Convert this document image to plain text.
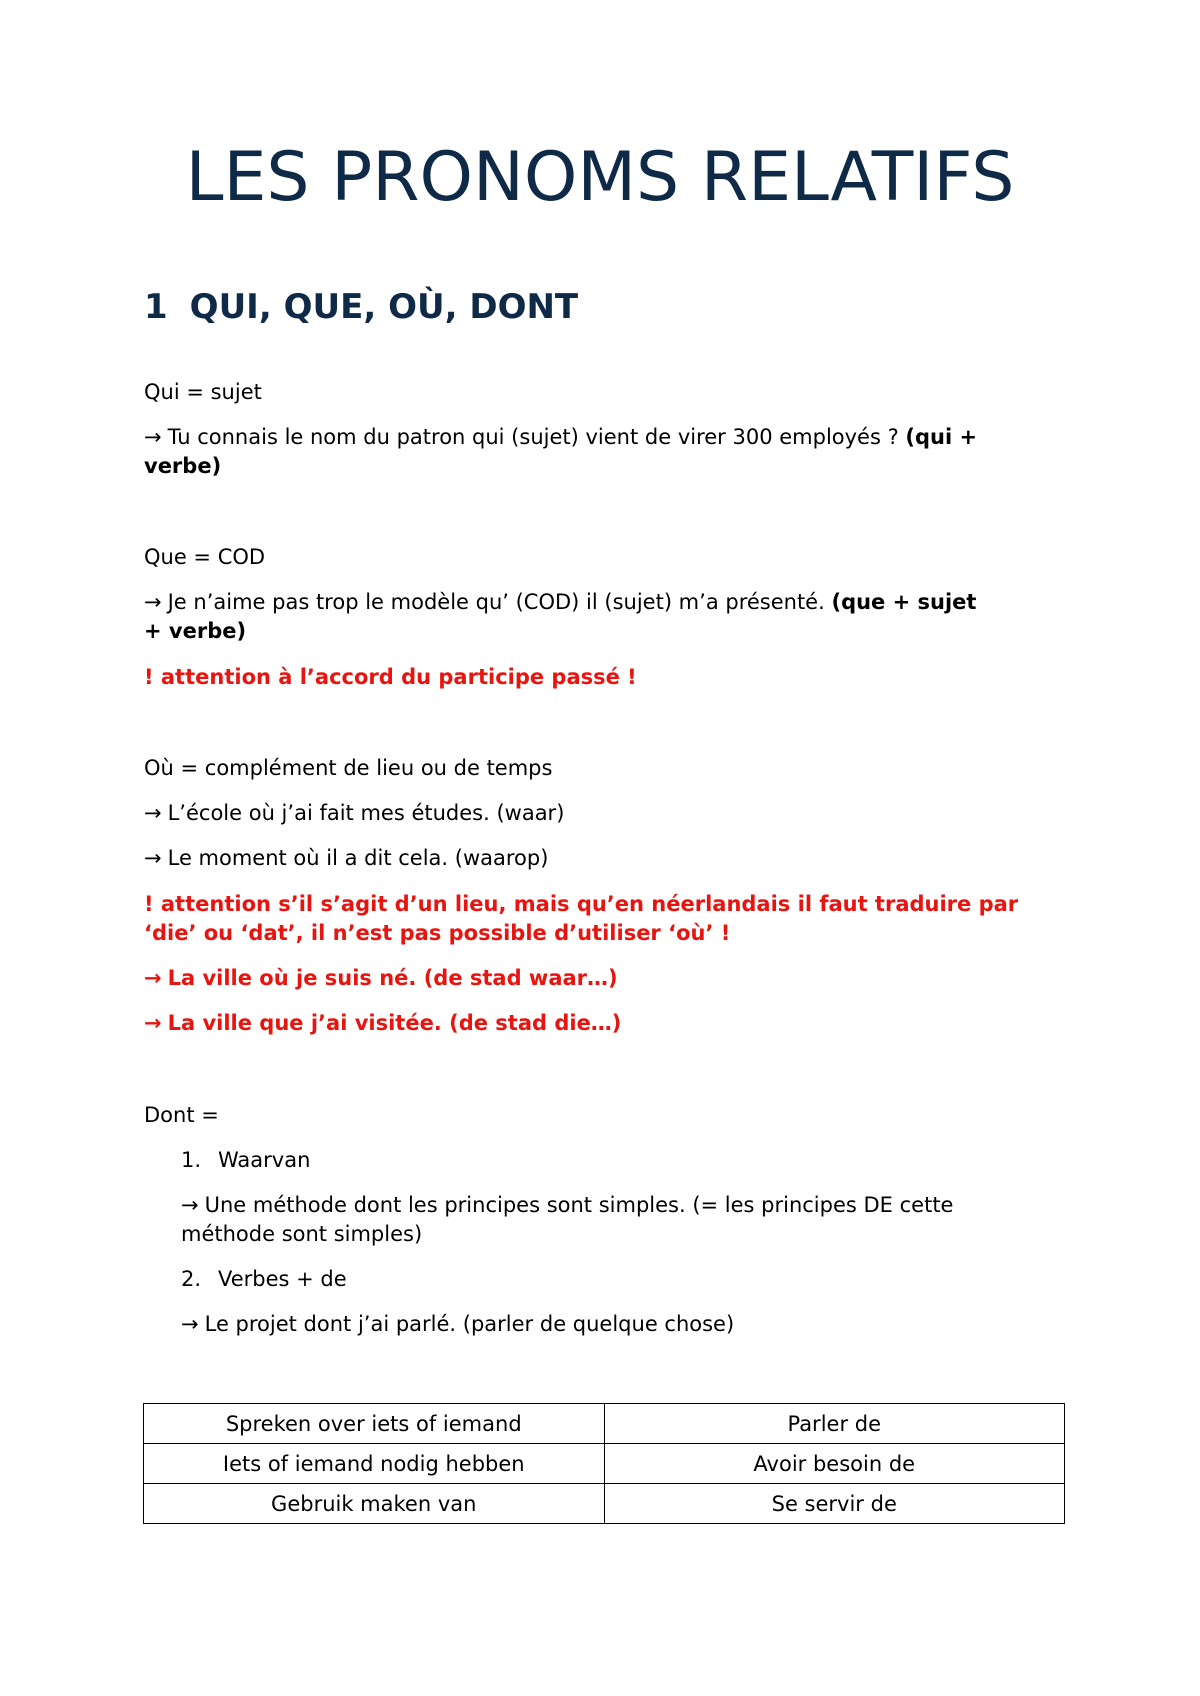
LES PRONOMS RELATIFS
1 QUI, QUE, OÙ, DONT
Qui = sujet
→ Tu connais le nom du patron qui (sujet) vient de virer 300 employés ? (qui +
verbe)
Que = COD
→ Je n’aime pas trop le modèle qu’ (COD) il (sujet) m’a présenté. (que + sujet
+ verbe)
! attention à l’accord du participe passé !
Où = complément de lieu ou de temps
→ L’école où j’ai fait mes études. (waar)
→ Le moment où il a dit cela. (waarop)
! attention s’il s’agit d’un lieu, mais qu’en néerlandais il faut traduire par
‘die’ ou ‘dat’, il n’est pas possible d’utiliser ‘où’ !
→ La ville où je suis né. (de stad waar…)
→ La ville que j’ai visitée. (de stad die…)
Dont =
1. Waarvan
→ Une méthode dont les principes sont simples. (= les principes DE cette
méthode sont simples)
2. Verbes + de
→ Le projet dont j’ai parlé. (parler de quelque chose)
Spreken over iets of iemand	Parler de
Iets of iemand nodig hebben	Avoir besoin de
Gebruik maken van	Se servir de
